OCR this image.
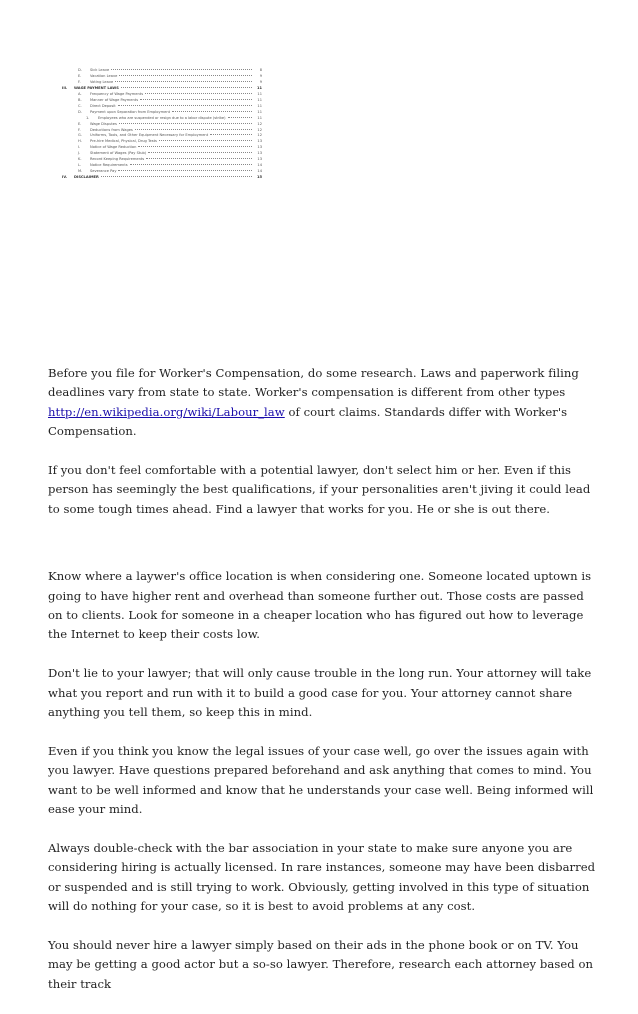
D.	Sick Leave	8
E.	Vacation Leave	9
F.	Voting Leave	9
III.	WAGE PAYMENT LAWS	11
A.	Frequency of Wage Payments	11
B.	Manner of Wage Payments	11
C.	Direct Deposit	11
D.	Payment upon Separation from Employment	11
1.	Employees who are suspended or resign due to a labor dispute (strike)	11
E.	Wage Disputes	12
F.	Deductions from Wages	12
G.	Uniforms, Tools, and Other Equipment Necessary for Employment	12
H.	Pre-hire Medical, Physical, Drug Tests	13
I.	Notice of Wage Reduction	13
J.	Statement of Wages (Pay Stub)	13
K.	Record Keeping Requirements	13
L.	Notice Requirements	14
M.	Severance Pay	14
IV.	DISCLAIMER	15

Before you file for Worker's Compensation, do some research. Laws and paperwork filing deadlines vary from state to state. Worker's compensation is different from other types http://en.wikipedia.org/wiki/Labour_law of court claims. Standards differ with Worker's Compensation.

If you don't feel comfortable with a potential lawyer, don't select him or her. Even if this person has seemingly the best qualifications, if your personalities aren't jiving it could lead to some tough times ahead. Find a lawyer that works for you. He or she is out there.

Know where a laywer's office location is when considering one. Someone located uptown is going to have higher rent and overhead than someone further out. Those costs are passed on to clients. Look for someone in a cheaper location who has figured out how to leverage the Internet to keep their costs low.

Don't lie to your lawyer; that will only cause trouble in the long run. Your attorney will take what you report and run with it to build a good case for you. Your attorney cannot share anything you tell them, so keep this in mind.

Even if you think you know the legal issues of your case well, go over the issues again with you lawyer. Have questions prepared beforehand and ask anything that comes to mind. You want to be well informed and know that he understands your case well. Being informed will ease your mind.

Always double-check with the bar association in your state to make sure anyone you are considering hiring is actually licensed. In rare instances, someone may have been disbarred or suspended and is still trying to work. Obviously, getting involved in this type of situation will do nothing for your case, so it is best to avoid problems at any cost.

You should never hire a lawyer simply based on their ads in the phone book or on TV. You may be getting a good actor but a so-so lawyer. Therefore, research each attorney based on their track
